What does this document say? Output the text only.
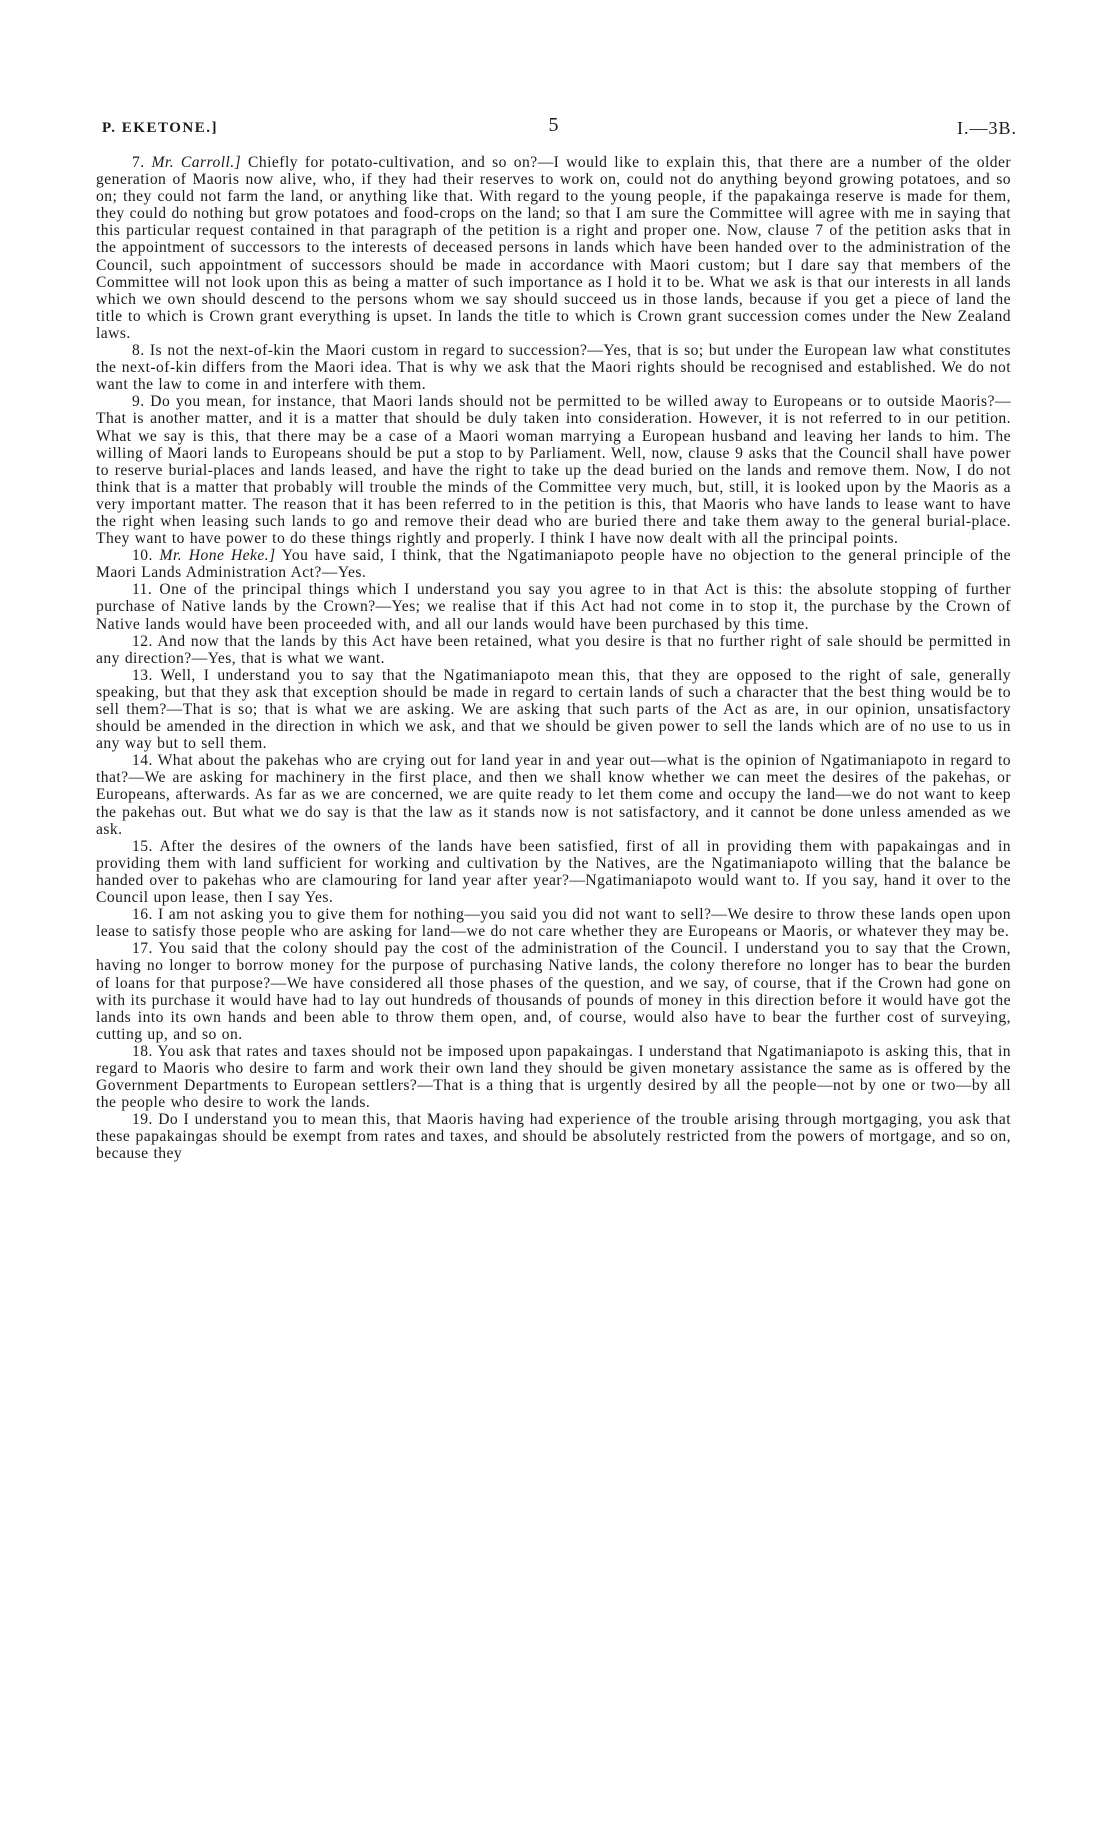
P. EKETONE.]	5	I.—3B.

7. Mr. Carroll.] Chiefly for potato-cultivation, and so on?—I would like to explain this, that there are a number of the older generation of Maoris now alive, who, if they had their reserves to work on, could not do anything beyond growing potatoes, and so on; they could not farm the land, or anything like that. With regard to the young people, if the papakainga reserve is made for them, they could do nothing but grow potatoes and food-crops on the land; so that I am sure the Committee will agree with me in saying that this particular request contained in that paragraph of the petition is a right and proper one. Now, clause 7 of the petition asks that in the appointment of successors to the interests of deceased persons in lands which have been handed over to the administration of the Council, such appointment of successors should be made in accordance with Maori custom; but I dare say that members of the Committee will not look upon this as being a matter of such importance as I hold it to be. What we ask is that our interests in all lands which we own should descend to the persons whom we say should succeed us in those lands, because if you get a piece of land the title to which is Crown grant everything is upset. In lands the title to which is Crown grant succession comes under the New Zealand laws.

8. Is not the next-of-kin the Maori custom in regard to succession?—Yes, that is so; but under the European law what constitutes the next-of-kin differs from the Maori idea. That is why we ask that the Maori rights should be recognised and established. We do not want the law to come in and interfere with them.

9. Do you mean, for instance, that Maori lands should not be permitted to be willed away to Europeans or to outside Maoris?—That is another matter, and it is a matter that should be duly taken into consideration. However, it is not referred to in our petition. What we say is this, that there may be a case of a Maori woman marrying a European husband and leaving her lands to him. The willing of Maori lands to Europeans should be put a stop to by Parliament. Well, now, clause 9 asks that the Council shall have power to reserve burial-places and lands leased, and have the right to take up the dead buried on the lands and remove them. Now, I do not think that is a matter that probably will trouble the minds of the Committee very much, but, still, it is looked upon by the Maoris as a very important matter. The reason that it has been referred to in the petition is this, that Maoris who have lands to lease want to have the right when leasing such lands to go and remove their dead who are buried there and take them away to the general burial-place. They want to have power to do these things rightly and properly. I think I have now dealt with all the principal points.

10. Mr. Hone Heke.] You have said, I think, that the Ngatimaniapoto people have no objection to the general principle of the Maori Lands Administration Act?—Yes.

11. One of the principal things which I understand you say you agree to in that Act is this: the absolute stopping of further purchase of Native lands by the Crown?—Yes; we realise that if this Act had not come in to stop it, the purchase by the Crown of Native lands would have been proceeded with, and all our lands would have been purchased by this time.

12. And now that the lands by this Act have been retained, what you desire is that no further right of sale should be permitted in any direction?—Yes, that is what we want.

13. Well, I understand you to say that the Ngatimaniapoto mean this, that they are opposed to the right of sale, generally speaking, but that they ask that exception should be made in regard to certain lands of such a character that the best thing would be to sell them?—That is so; that is what we are asking. We are asking that such parts of the Act as are, in our opinion, unsatisfactory should be amended in the direction in which we ask, and that we should be given power to sell the lands which are of no use to us in any way but to sell them.

14. What about the pakehas who are crying out for land year in and year out—what is the opinion of Ngatimaniapoto in regard to that?—We are asking for machinery in the first place, and then we shall know whether we can meet the desires of the pakehas, or Europeans, afterwards. As far as we are concerned, we are quite ready to let them come and occupy the land—we do not want to keep the pakehas out. But what we do say is that the law as it stands now is not satisfactory, and it cannot be done unless amended as we ask.

15. After the desires of the owners of the lands have been satisfied, first of all in providing them with papakaingas and in providing them with land sufficient for working and cultivation by the Natives, are the Ngatimaniapoto willing that the balance be handed over to pakehas who are clamouring for land year after year?—Ngatimaniapoto would want to. If you say, hand it over to the Council upon lease, then I say Yes.

16. I am not asking you to give them for nothing—you said you did not want to sell?—We desire to throw these lands open upon lease to satisfy those people who are asking for land—we do not care whether they are Europeans or Maoris, or whatever they may be.

17. You said that the colony should pay the cost of the administration of the Council. I understand you to say that the Crown, having no longer to borrow money for the purpose of purchasing Native lands, the colony therefore no longer has to bear the burden of loans for that purpose?—We have considered all those phases of the question, and we say, of course, that if the Crown had gone on with its purchase it would have had to lay out hundreds of thousands of pounds of money in this direction before it would have got the lands into its own hands and been able to throw them open, and, of course, would also have to bear the further cost of surveying, cutting up, and so on.

18. You ask that rates and taxes should not be imposed upon papakaingas. I understand that Ngatimaniapoto is asking this, that in regard to Maoris who desire to farm and work their own land they should be given monetary assistance the same as is offered by the Government Departments to European settlers?—That is a thing that is urgently desired by all the people—not by one or two—by all the people who desire to work the lands.

19. Do I understand you to mean this, that Maoris having had experience of the trouble arising through mortgaging, you ask that these papakaingas should be exempt from rates and taxes, and should be absolutely restricted from the powers of mortgage, and so on, because they
